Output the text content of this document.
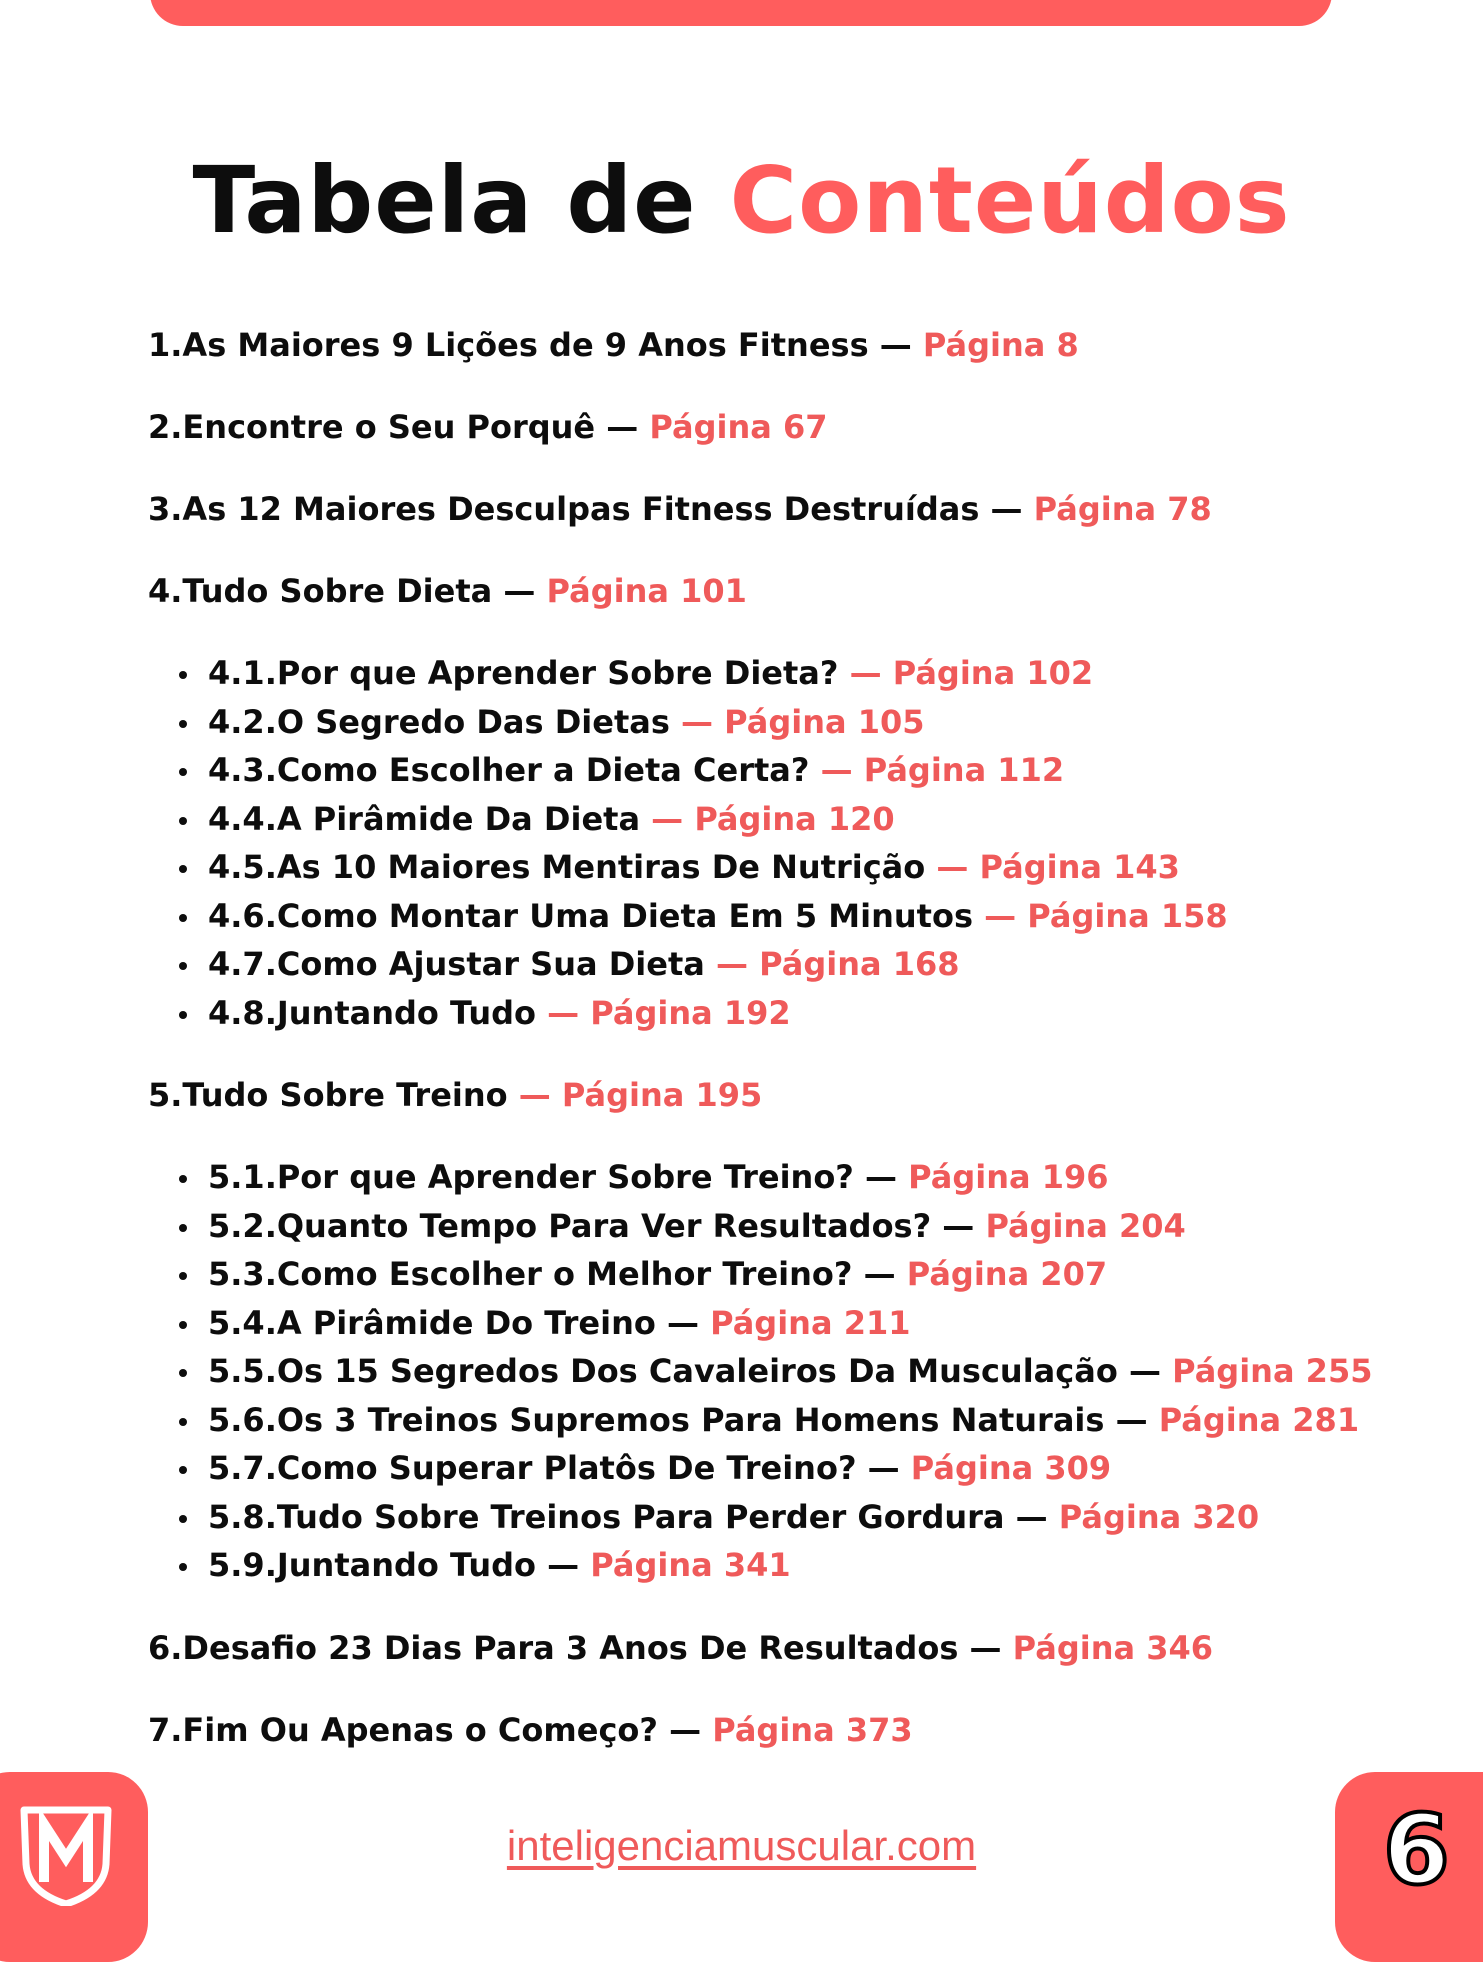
Tabela de Conteúdos
1.As Maiores 9 Lições de 9 Anos Fitness — Página 8
2.Encontre o Seu Porquê — Página 67
3.As 12 Maiores Desculpas Fitness Destruídas — Página 78
4.Tudo Sobre Dieta — Página 101
4.1.Por que Aprender Sobre Dieta? — Página 102
4.2.O Segredo Das Dietas — Página 105
4.3.Como Escolher a Dieta Certa? — Página 112
4.4.A Pirâmide Da Dieta — Página 120
4.5.As 10 Maiores Mentiras De Nutrição — Página 143
4.6.Como Montar Uma Dieta Em 5 Minutos — Página 158
4.7.Como Ajustar Sua Dieta — Página 168
4.8.Juntando Tudo — Página 192
5.Tudo Sobre Treino — Página 195
5.1.Por que Aprender Sobre Treino? — Página 196
5.2.Quanto Tempo Para Ver Resultados? — Página 204
5.3.Como Escolher o Melhor Treino? — Página 207
5.4.A Pirâmide Do Treino — Página 211
5.5.Os 15 Segredos Dos Cavaleiros Da Musculação — Página 255
5.6.Os 3 Treinos Supremos Para Homens Naturais — Página 281
5.7.Como Superar Platôs De Treino? — Página 309
5.8.Tudo Sobre Treinos Para Perder Gordura — Página 320
5.9.Juntando Tudo — Página 341
6.Desafio 23 Dias Para 3 Anos De Resultados — Página 346
7.Fim Ou Apenas o Começo? — Página 373
inteligenciamuscular.com	6
